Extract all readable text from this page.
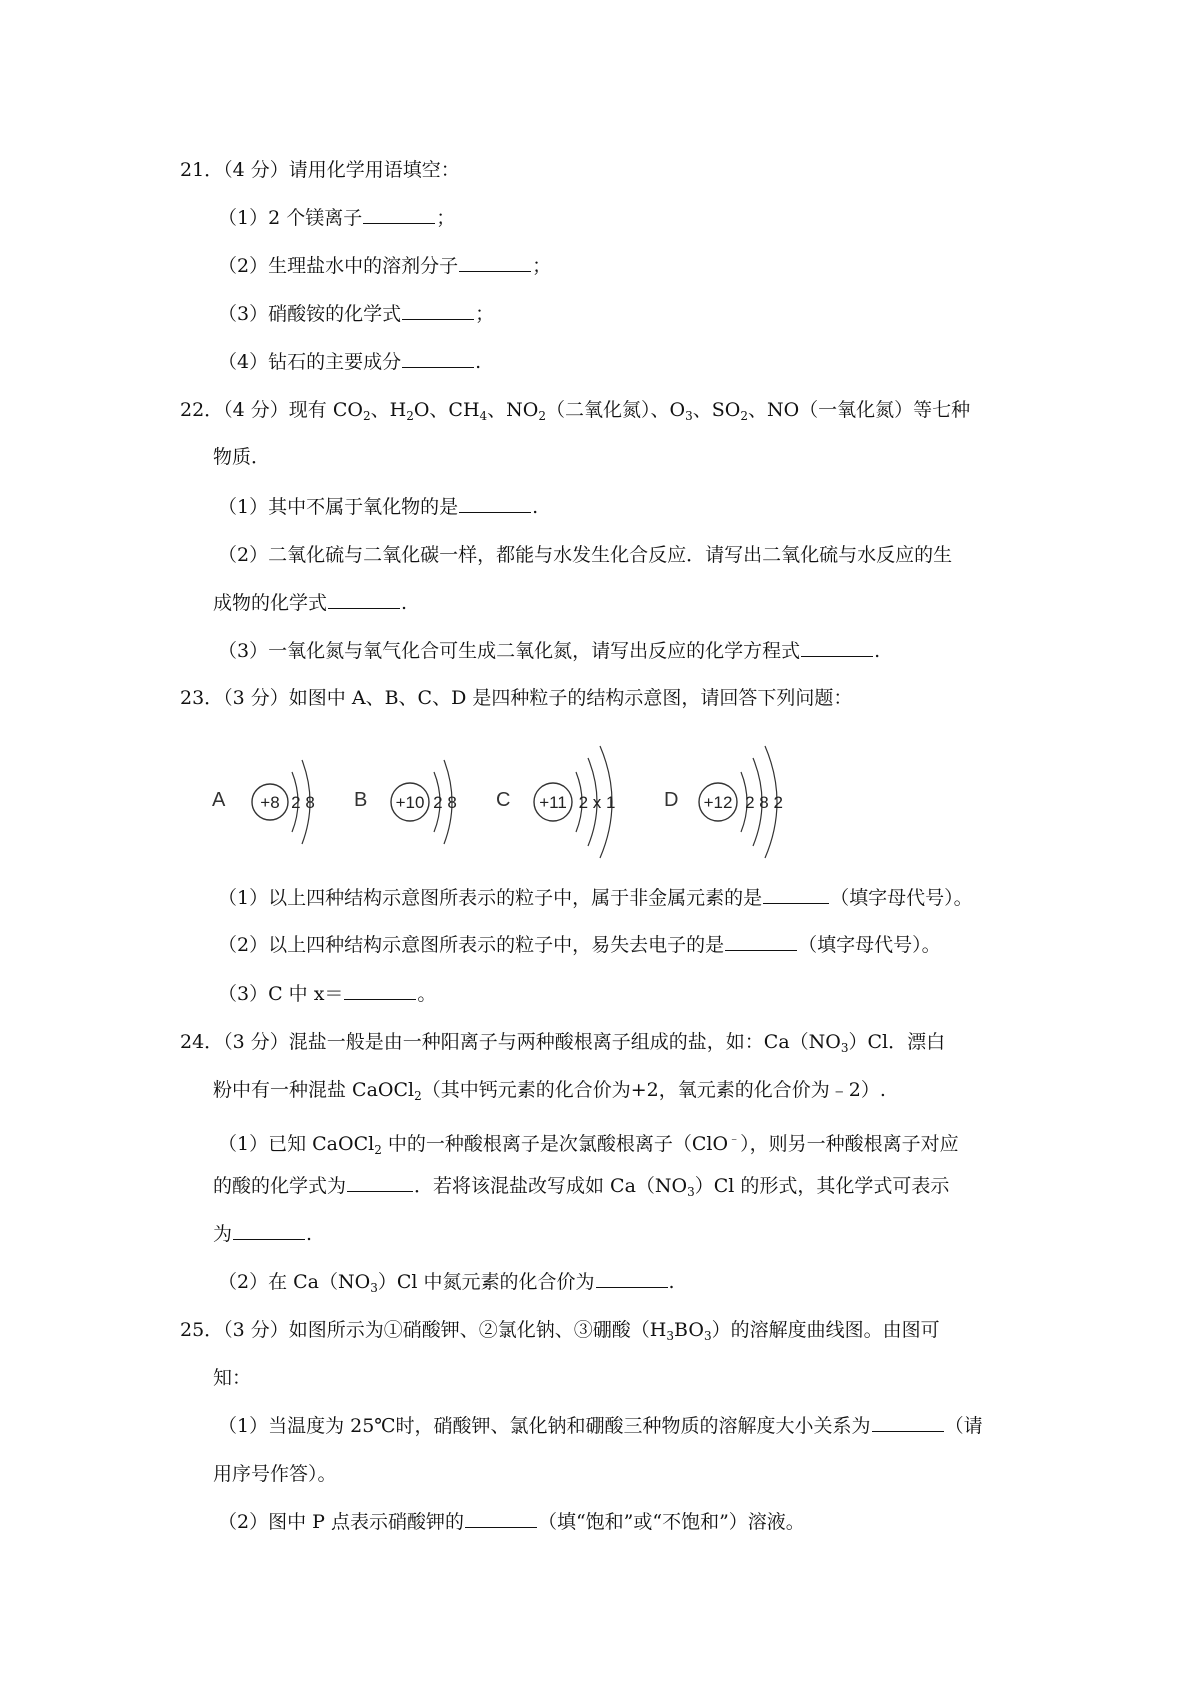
21．（4 分）请用化学用语填空：
（1）2 个镁离子	；
（2）生理盐水中的溶剂分子	；
（3）硝酸铵的化学式	；
（4）钻石的主要成分	.
22．（4 分）现有 $CO_2$、$H_2O$、$CH_4$、$NO_2$（二氧化氮）、$O_3$、$SO_2$、NO（一氧化氮）等七种
物质．
（1）其中不属于氧化物的是	.
（2）二氧化硫与二氧化碳一样，都能与水发生化合反应．请写出二氧化硫与水反应的生
成物的化学式	.
（3）一氧化氮与氧气化合可生成二氧化氮，请写出反应的化学方程式	.
23．（3 分）如图中 A、B、C、D 是四种粒子的结构示意图，请回答下列问题：
A +8 2 8 B +10 2 8 C +11 2 x 1 D +12 2 8 2
（1）以上四种结构示意图所表示的粒子中，属于非金属元素的是	（填字母代号）。
（2）以上四种结构示意图所表示的粒子中，易失去电子的是	（填字母代号）。
（3）C 中 x＝	。
24．（3 分）混盐一般是由一种阳离子与两种酸根离子组成的盐，如：$Ca(NO_3)Cl$．漂白
粉中有一种混盐 CaOCl$_2$（其中钙元素的化合价为+2，氧元素的化合价为﹣2）.
（1）已知 CaOCl$_2$ 中的一种酸根离子是次氯酸根离子（ClO﹣），则另一种酸根离子对应
的酸的化学式为	．若将该混盐改写成如 $Ca(NO_3)Cl$ 的形式，其化学式可表示
为	.
（2）在 $Ca(NO_3)Cl$ 中氮元素的化合价为	.
25．（3 分）如图所示为①硝酸钾、②氯化钠、③硼酸$(H_3BO_3)$的溶解度曲线图。由图可
知：
（1）当温度为 25℃时，硝酸钾、氯化钠和硼酸三种物质的溶解度大小关系为	（请
用序号作答）。
（2）图中 P 点表示硝酸钾的	（填“饱和”或“不饱和”）溶液。
